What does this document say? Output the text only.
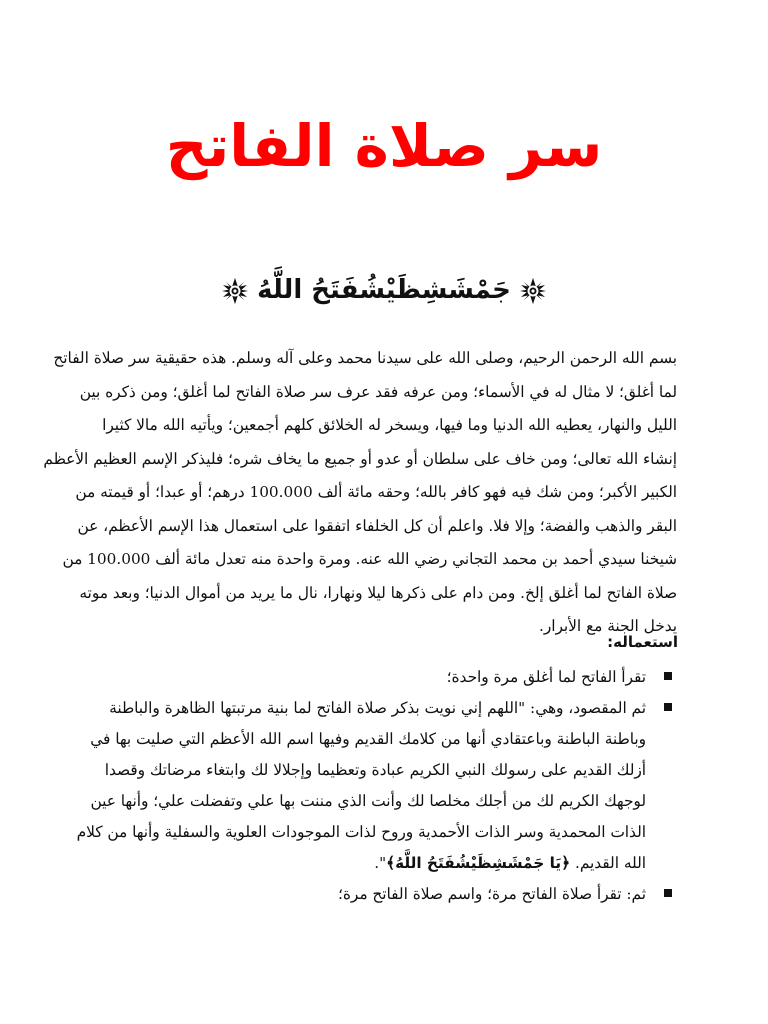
سر صلاة الفاتح
جَمْشَشِظَيْشُفَتَحُ اللَّهُ
بسم الله الرحمن الرحيم، وصلى الله على سيدنا محمد وعلى آله وسلم. هذه حقيقية سر صلاة الفاتح
لما أغلق؛ لا مثال له في الأسماء؛ ومن عرفه فقد عرف سر صلاة الفاتح لما أغلق؛ ومن ذكره بين
الليل والنهار، يعطيه الله الدنيا وما فيها، ويسخر له الخلائق كلهم أجمعين؛ ويأتيه الله مالا كثيرا
إنشاء الله تعالى؛ ومن خاف على سلطان أو عدو أو جميع ما يخاف شره؛ فليذكر الإسم العظيم الأعظم
الكبير الأكبر؛ ومن شك فيه فهو كافر بالله؛ وحقه مائة ألف 100.000 درهم؛ أو عبدا؛ أو قيمته من
البقر والذهب والفضة؛ وإلا فلا. واعلم أن كل الخلفاء اتفقوا على استعمال هذا الإسم الأعظم، عن
شيخنا سيدي أحمد بن محمد التجاني رضي الله عنه. ومرة واحدة منه تعدل مائة ألف 100.000 من
صلاة الفاتح لما أغلق إلخ. ومن دام على ذكرها ليلا ونهارا، نال ما يريد من أموال الدنيا؛ وبعد موته
يدخل الجنة مع الأبرار.
استعماله:
تقرأ الفاتح لما أغلق مرة واحدة؛
ثم المقصود، وهي: "اللهم إني نويت بذكر صلاة الفاتح لما بنية مرتبتها الظاهرة والباطنة
وباطنة الباطنة وباعتقادي أنها من كلامك القديم وفيها اسم الله الأعظم التي صليت بها في
أزلك القديم على رسولك النبي الكريم عبادة وتعظيما وإجلالا لك وابتغاء مرضاتك وقصدا
لوجهك الكريم لك من أجلك مخلصا لك وأنت الذي مننت بها علي وتفضلت علي؛ وأنها عين
الذات المحمدية وسر الذات الأحمدية وروح لذات الموجودات العلوية والسفلية وأنها من كلام
الله القديم. ﴿يَا جَمْشَشِظَيْشُفَتَحُ اللَّهُ﴾".
ثم: تقرأ صلاة الفاتح مرة؛ واسم صلاة الفاتح مرة؛
